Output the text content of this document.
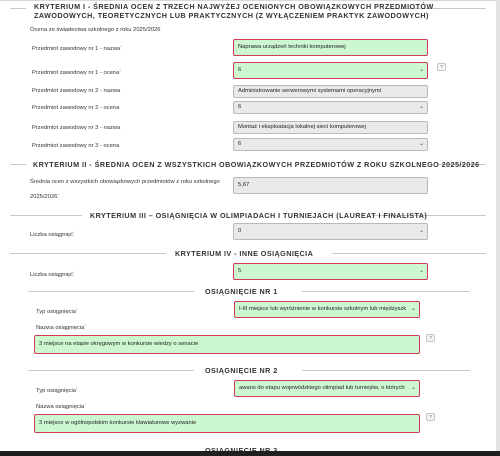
KRYTERIUM I - ŚREDNIA OCEN Z TRZECH NAJWYŻEJ OCENIONYCH OBOWIĄZKOWYCH PRZEDMIOTÓW
ZAWODOWYCH, TEORETYCZNYCH LUB PRAKTYCZNYCH (Z WYŁĄCZENIEM PRAKTYK ZAWODOWYCH)
Ocena ze świadectwa szkolnego z roku 2025/2026
Przedmiot zawodowy nr 1 - nazwa*	Naprawa urządzeń techniki komputerowej
Przedmiot zawodowy nr 1 - ocena*	6	⌄
?
Przedmiot zawodowy nr 2 - nazwa	Administrowanie serwerowymi systemami operacyjnymi
Przedmiot zawodowy nr 2 - ocena	6	⌄
Przedmiot zawodowy nr 3 - nazwa	Montaż i eksploatacja lokalnej sieci komputerowej
Przedmiot zawodowy nr 3 - ocena	6	⌄
KRYTERIUM II - ŚREDNIA OCEN Z WSZYSTKICH OBOWIĄZKOWYCH PRZEDMIOTÓW Z ROKU SZKOLNEGO 2025/2026
Średnia ocen z wszystkich obowiązkowych przedmiotów z roku szkolnego
2025/2026*
5,67
KRYTERIUM III – OSIĄGNIĘCIA W OLIMPIADACH I TURNIEJACH (LAUREAT I FINALISTA)
Liczba osiągnięć*	0	⌄
KRYTERIUM IV - INNE OSIĄGNIĘCIA
Liczba osiągnięć*	5	⌄
OSIĄGNIĘCIE NR 1
Typ osiągnięcia*	I-III miejsce lub wyróżnienie w konkursie szkolnym lub międzyszk ⌄
Nazwa osiągnięcia*
3 miejsce na etapie okręgowym w konkursie wiedzy o senacie
?
OSIĄGNIĘCIE NR 2
Typ osiągnięcia*	awans do etapu wojewódzkiego olimpiad lub turniejów, o których ⌄
Nazwa osiągnięcia*
3 miejsce w ogólnopolskim konkursie klawiaturowe wyzwanie
?
